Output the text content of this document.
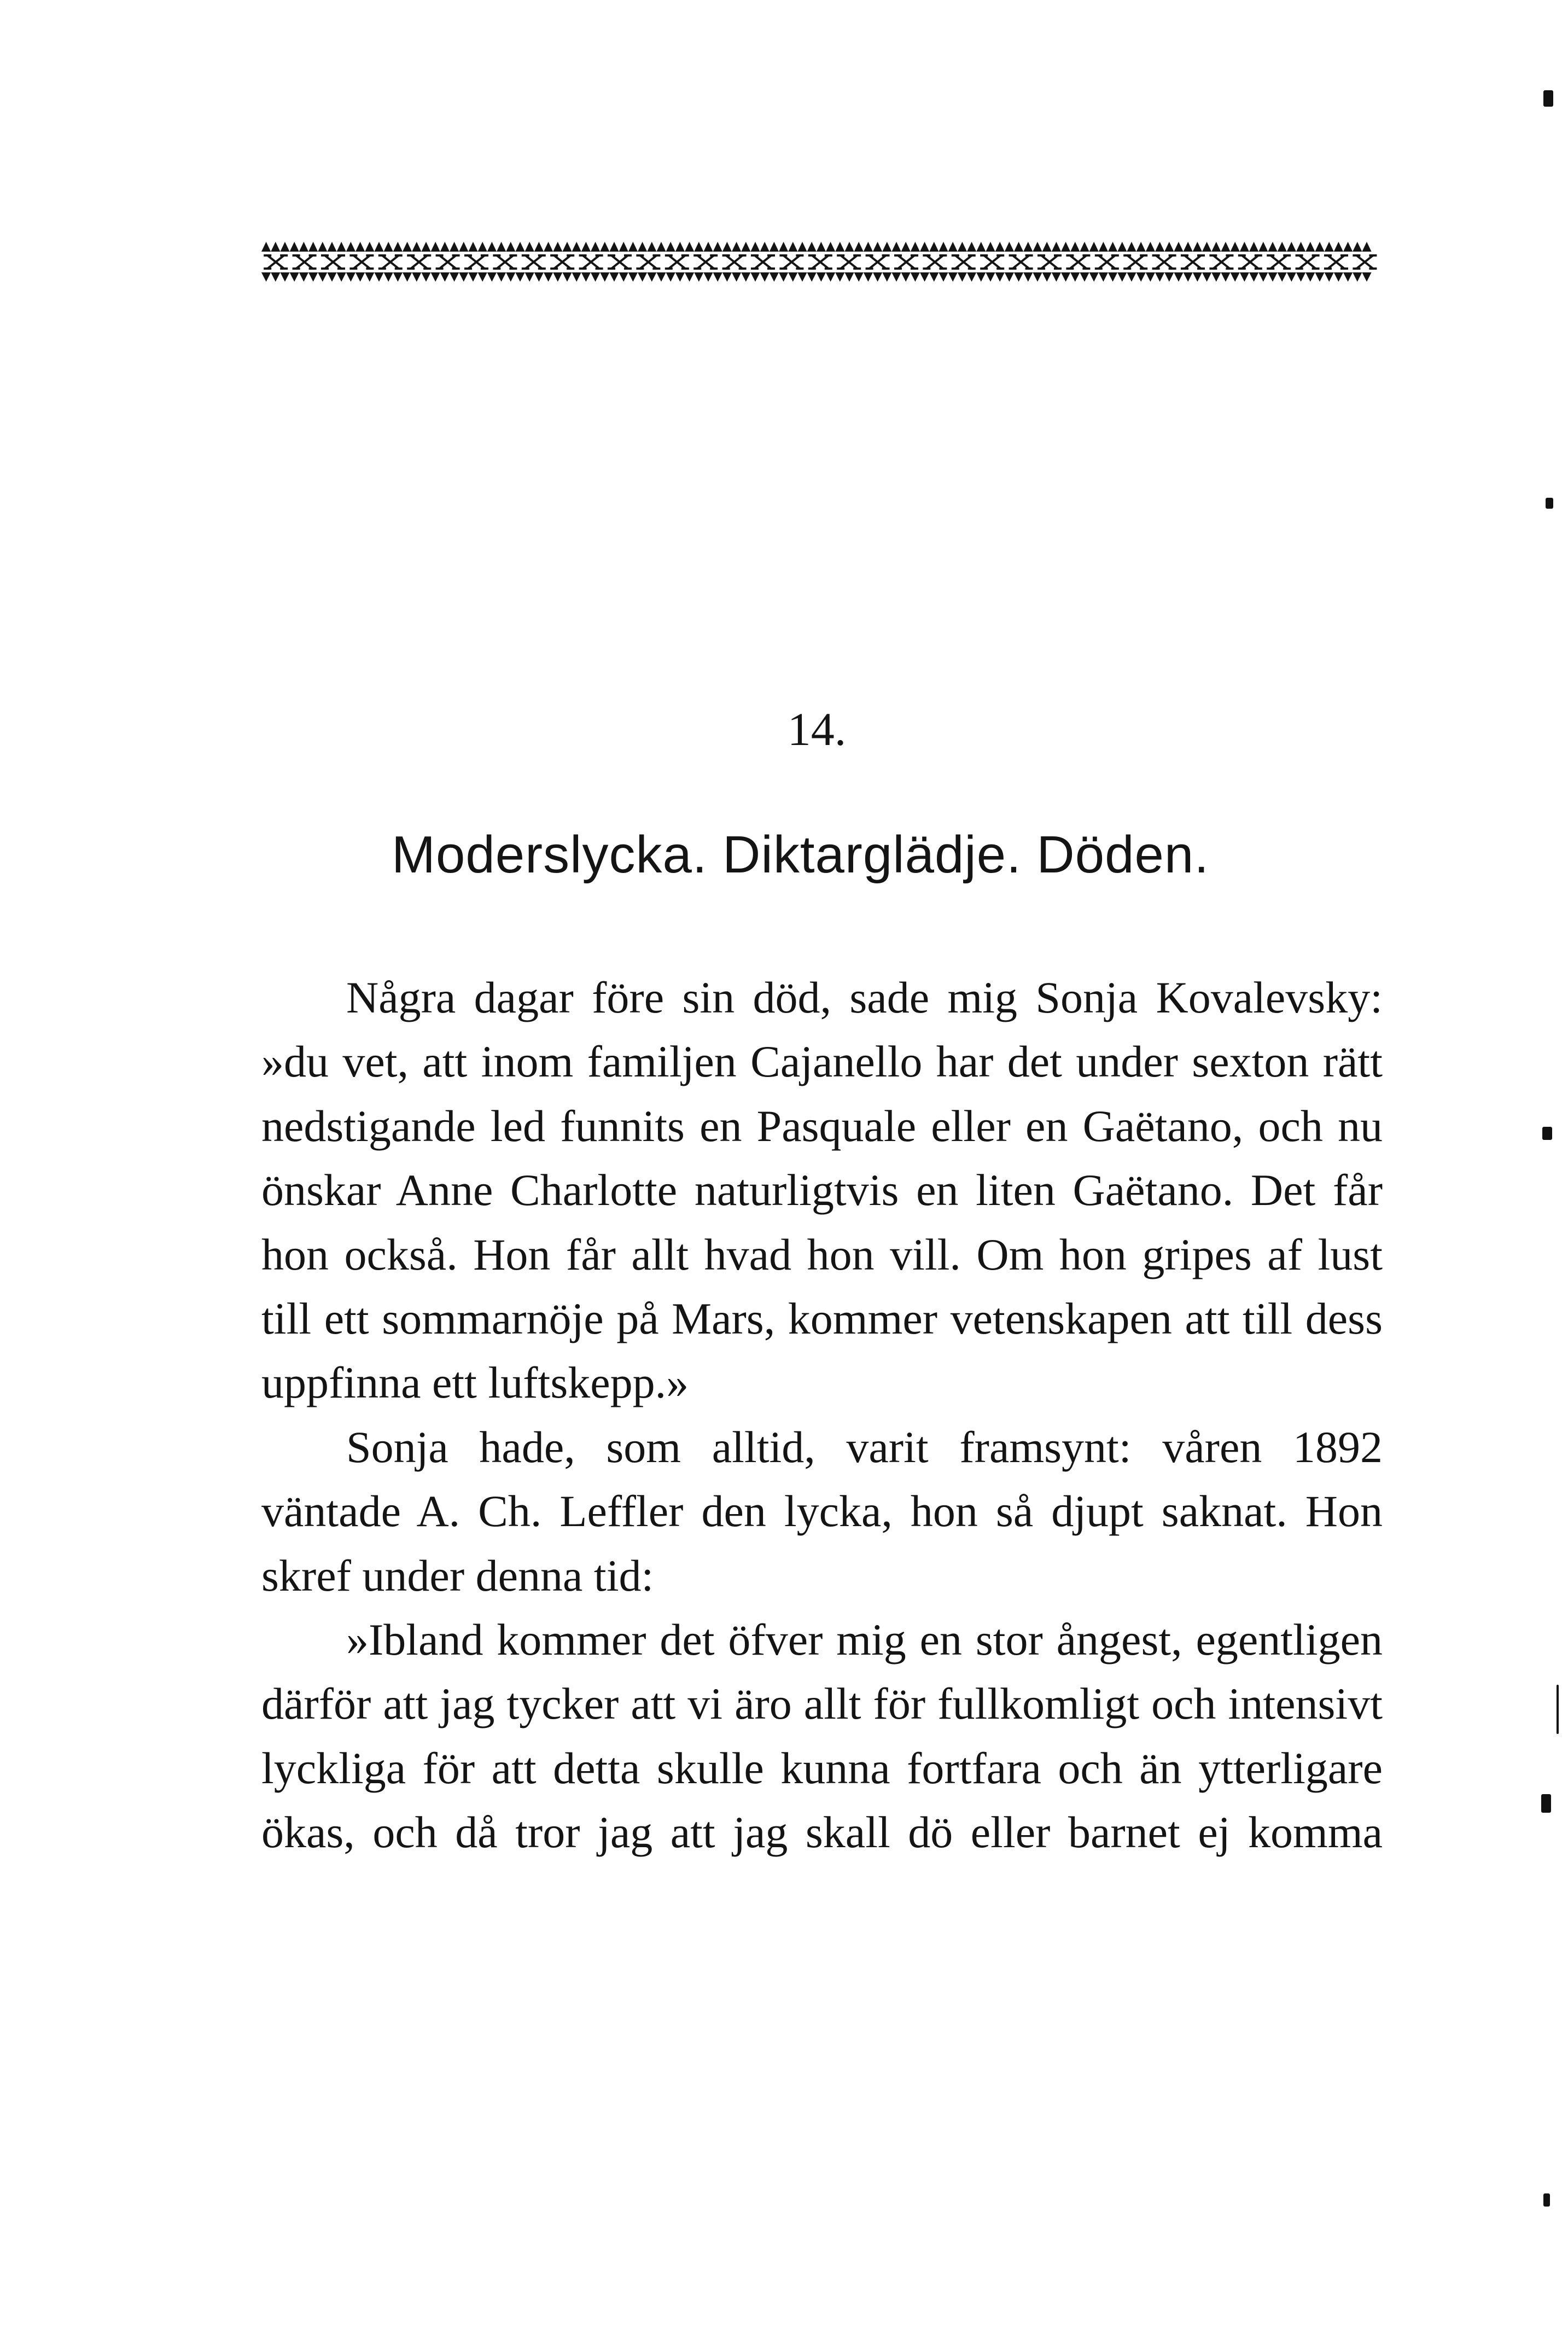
14.
Moderslycka. Diktarglädje. Döden.

Några dagar före sin död, sade mig Sonja Kovalevsky: »du vet, att inom familjen Cajanello har det under sexton rätt nedstigande led funnits en Pasquale eller en Gaëtano, och nu önskar Anne Charlotte naturligtvis en liten Gaëtano. Det får hon också. Hon får allt hvad hon vill. Om hon gripes af lust till ett sommarnöje på Mars, kommer vetenskapen att till dess uppfinna ett luftskepp.»

Sonja hade, som alltid, varit framsynt: våren 1892 väntade A. Ch. Leffler den lycka, hon så djupt saknat. Hon skref under denna tid:

»Ibland kommer det öfver mig en stor ångest, egentligen därför att jag tycker att vi äro allt för fullkomligt och intensivt lyckliga för att detta skulle kunna fortfara och än ytterligare ökas, och då tror jag att jag skall dö eller barnet ej komma
